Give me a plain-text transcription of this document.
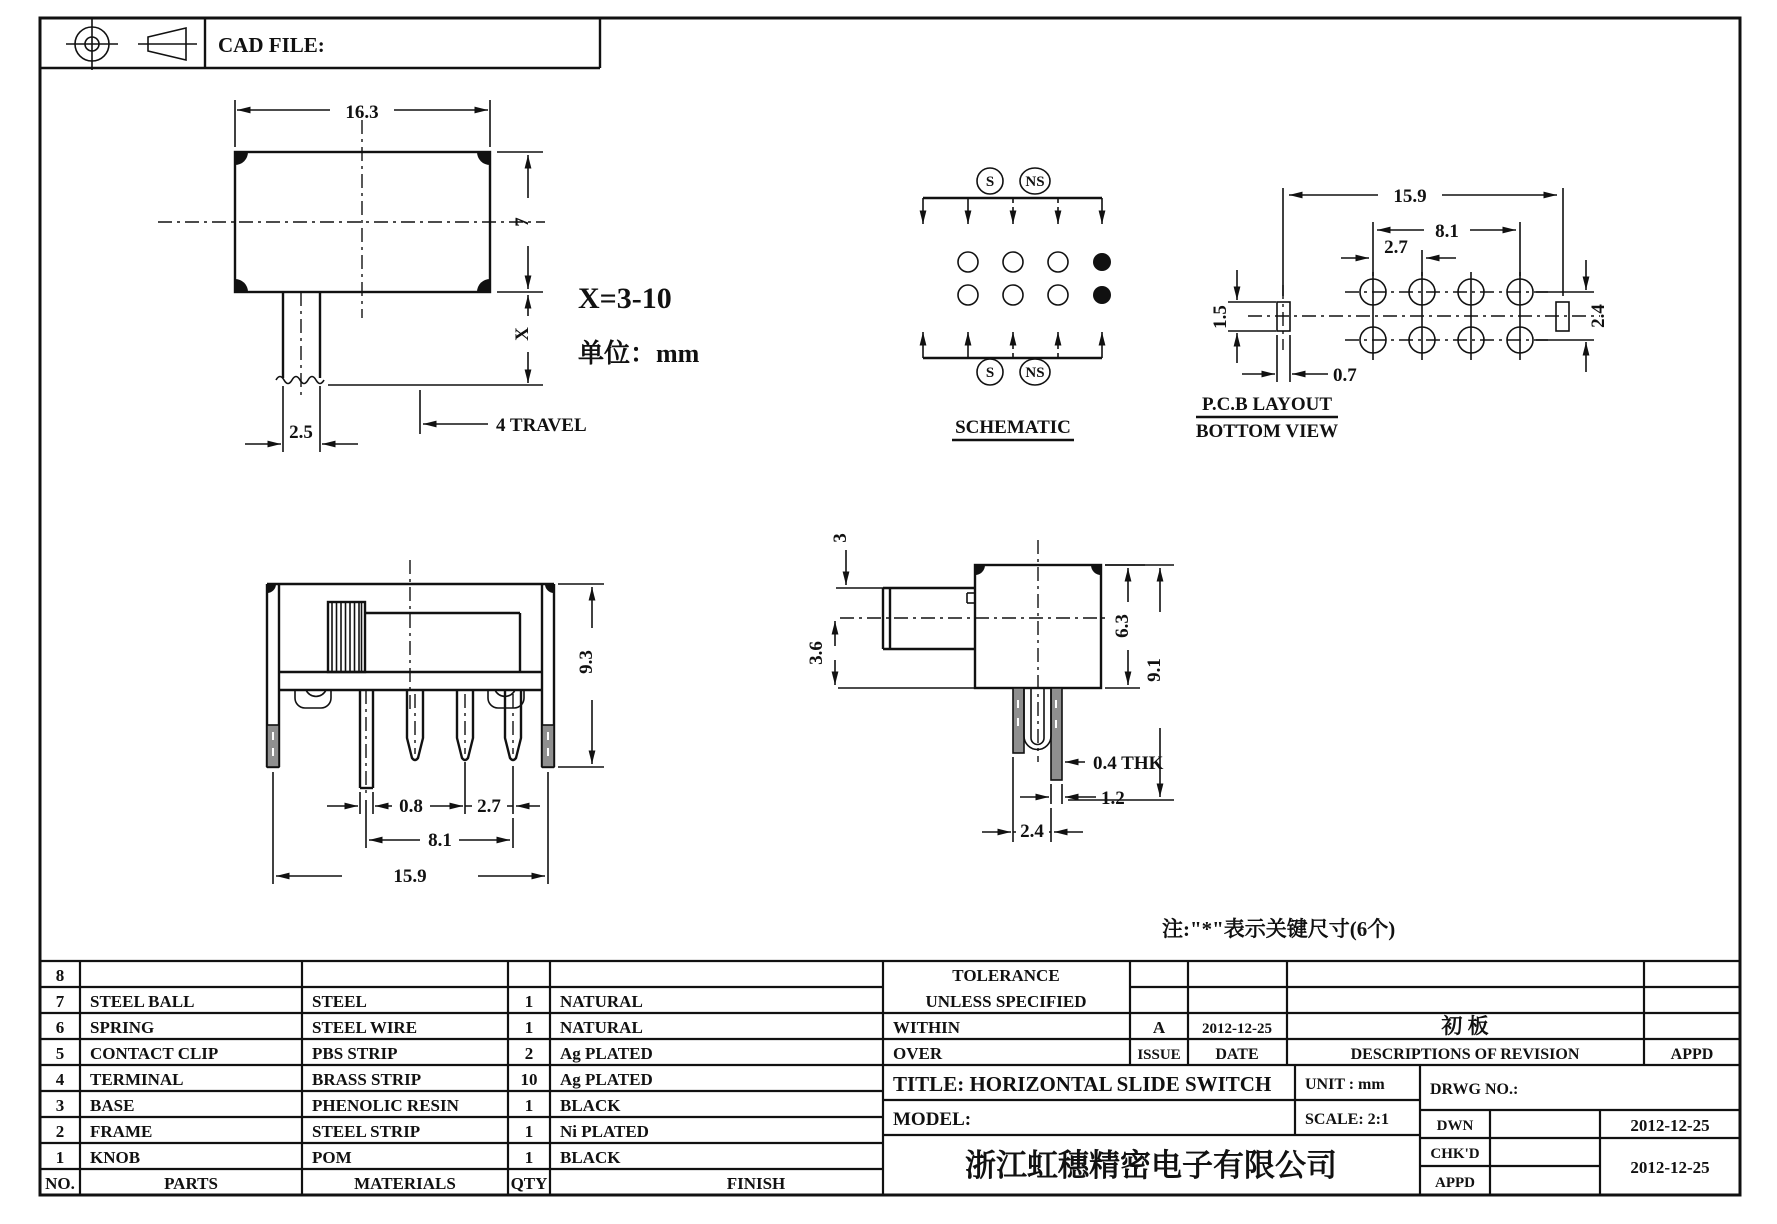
CAD FILE:
16.3
7
X
4 TRAVEL
2.5
X=3-10
单位：mm
S NS
S NS
SCHEMATIC
15.9
8.1
2.7
1.5
0.7
2.4
P.C.B LAYOUT
BOTTOM VIEW
9.3
0.8	2.7
8.1
15.9
3
3.6
6.3
9.1
0.4 THK
1.2
2.4
注:"*"表示关键尺寸(6个)
8
7 STEEL BALL	STEEL	1 NATURAL
6 SPRING	STEEL WIRE	1 NATURAL
5 CONTACT CLIP	PBS STRIP	2 Ag PLATED
4 TERMINAL	BRASS STRIP	10 Ag PLATED
3 BASE	PHENOLIC RESIN	1 BLACK
2 FRAME	STEEL STRIP	1 Ni PLATED
1 KNOB	POM	1 BLACK
NO.	PARTS	MATERIALS	QTY	FINISH
TOLERANCE
UNLESS SPECIFIED
WITHIN
OVER
A 2012-12-25	初 板
ISSUE DATE	DESCRIPTIONS OF REVISION	APPD
TITLE: HORIZONTAL SLIDE SWITCH UNIT : mm
MODEL:	SCALE: 2:1
DRWG NO.:
浙江虹穗精密电子有限公司
DWN	2012-12-25
CHK'D
APPD
2012-12-25
